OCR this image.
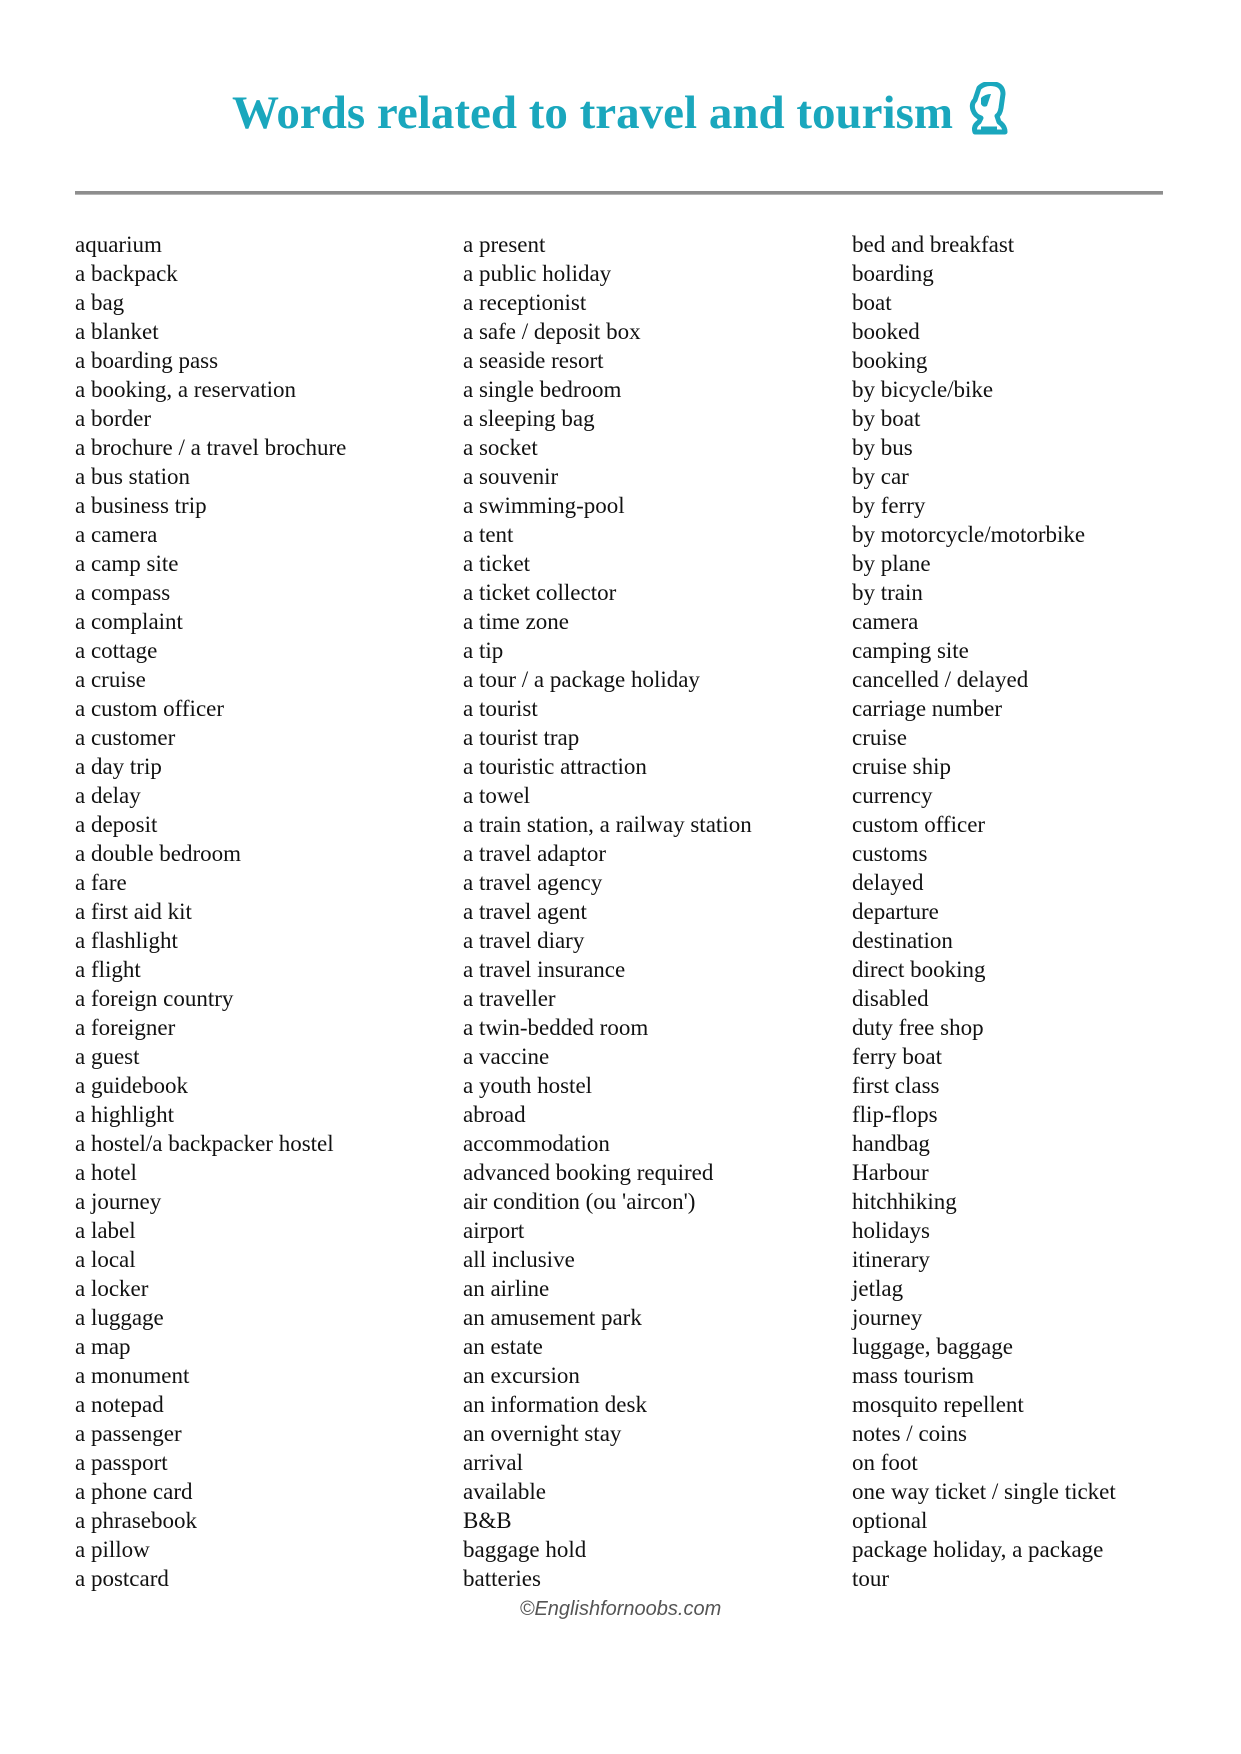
Words related to travel and tourism
aquarium
a backpack
a bag
a blanket
a boarding pass
a booking, a reservation
a border
a brochure / a travel brochure
a bus station
a business trip
a camera
a camp site
a compass
a complaint
a cottage
a cruise
a custom officer
a customer
a day trip
a delay
a deposit
a double bedroom
a fare
a first aid kit
a flashlight
a flight
a foreign country
a foreigner
a guest
a guidebook
a highlight
a hostel/a backpacker hostel
a hotel
a journey
a label
a local
a locker
a luggage
a map
a monument
a notepad
a passenger
a passport
a phone card
a phrasebook
a pillow
a postcard
a present
a public holiday
a receptionist
a safe / deposit box
a seaside resort
a single bedroom
a sleeping bag
a socket
a souvenir
a swimming-pool
a tent
a ticket
a ticket collector
a time zone
a tip
a tour / a package holiday
a tourist
a tourist trap
a touristic attraction
a towel
a train station, a railway station
a travel adaptor
a travel agency
a travel agent
a travel diary
a travel insurance
a traveller
a twin-bedded room
a vaccine
a youth hostel
abroad
accommodation
advanced booking required
air condition (ou 'aircon')
airport
all inclusive
an airline
an amusement park
an estate
an excursion
an information desk
an overnight stay
arrival
available
B&B
baggage hold
batteries
bed and breakfast
boarding
boat
booked
booking
by bicycle/bike
by boat
by bus
by car
by ferry
by motorcycle/motorbike
by plane
by train
camera
camping site
cancelled / delayed
carriage number
cruise
cruise ship
currency
custom officer
customs
delayed
departure
destination
direct booking
disabled
duty free shop
ferry boat
first class
flip-flops
handbag
Harbour
hitchhiking
holidays
itinerary
jetlag
journey
luggage, baggage
mass tourism
mosquito repellent
notes / coins
on foot
one way ticket / single ticket
optional
package holiday, a package
tour
©Englishfornoobs.com
